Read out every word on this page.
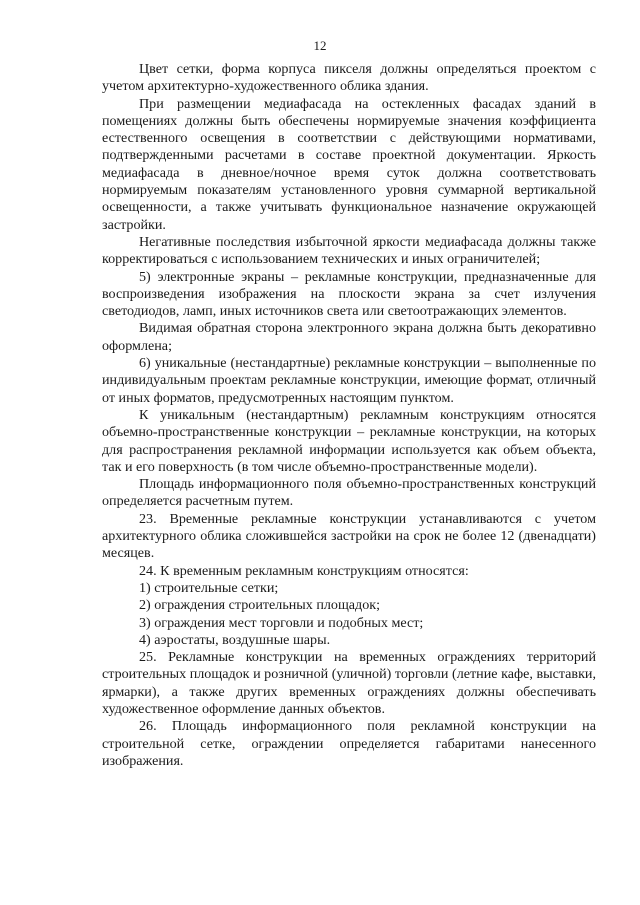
12

Цвет сетки, форма корпуса пикселя должны определяться проектом с учетом архитектурно-художественного облика здания.

При размещении медиафасада на остекленных фасадах зданий в помещениях должны быть обеспечены нормируемые значения коэффициента естественного освещения в соответствии с действующими нормативами, подтвержденными расчетами в составе проектной документации. Яркость медиафасада в дневное/ночное время суток должна соответствовать нормируемым показателям установленного уровня суммарной вертикальной освещенности, а также учитывать функциональное назначение окружающей застройки.

Негативные последствия избыточной яркости медиафасада должны также корректироваться с использованием технических и иных ограничителей;

5) электронные экраны – рекламные конструкции, предназначенные для воспроизведения изображения на плоскости экрана за счет излучения светодиодов, ламп, иных источников света или светоотражающих элементов.

Видимая обратная сторона электронного экрана должна быть декоративно оформлена;

6) уникальные (нестандартные) рекламные конструкции – выполненные по индивидуальным проектам рекламные конструкции, имеющие формат, отличный от иных форматов, предусмотренных настоящим пунктом.

К уникальным (нестандартным) рекламным конструкциям относятся объемно-пространственные конструкции – рекламные конструкции, на которых для распространения рекламной информации используется как объем объекта, так и его поверхность (в том числе объемно-пространственные модели).

Площадь информационного поля объемно-пространственных конструкций определяется расчетным путем.

23. Временные рекламные конструкции устанавливаются с учетом архитектурного облика сложившейся застройки на срок не более 12 (двенадцати) месяцев.

24. К временным рекламным конструкциям относятся:

1) строительные сетки;

2) ограждения строительных площадок;

3) ограждения мест торговли и подобных мест;

4) аэростаты, воздушные шары.

25. Рекламные конструкции на временных ограждениях территорий строительных площадок и розничной (уличной) торговли (летние кафе, выставки, ярмарки), а также других временных ограждениях должны обеспечивать художественное оформление данных объектов.

26. Площадь информационного поля рекламной конструкции на строительной сетке, ограждении определяется габаритами нанесенного изображения.
